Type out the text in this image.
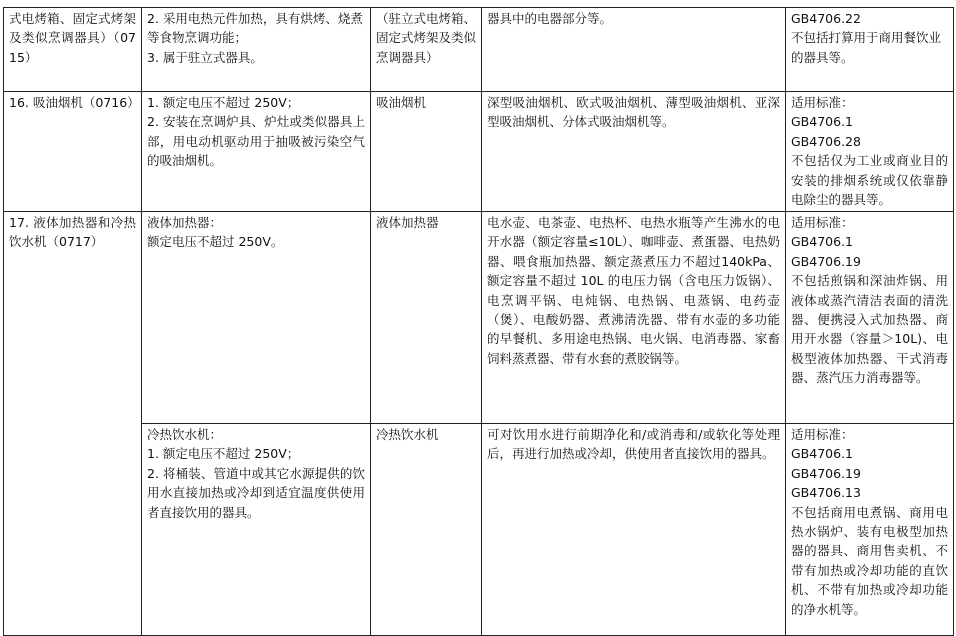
式电烤箱、固定式烤架及类似烹调器具）（0715）	2. 采用电热元件加热，具有烘烤、烧煮等食物烹调功能；
3. 属于驻立式器具。	（驻立式电烤箱、固定式烤架及类似烹调器具）	器具中的电器部分等。	GB4706.22
不包括打算用于商用餐饮业的器具等。
16. 吸油烟机（0716）	1. 额定电压不超过 250V；
2. 安装在烹调炉具、炉灶或类似器具上部，用电动机驱动用于抽吸被污染空气的吸油烟机。	吸油烟机	深型吸油烟机、欧式吸油烟机、薄型吸油烟机、亚深型吸油烟机、分体式吸油烟机等。	适用标准：
GB4706.1
GB4706.28
不包括仅为工业或商业目的安装的排烟系统或仅依靠静电除尘的器具等。
17. 液体加热器和冷热饮水机（0717）	液体加热器：
额定电压不超过 250V。	液体加热器	电水壶、电茶壶、电热杯、电热水瓶等产生沸水的电开水器（额定容量≤10L）、咖啡壶、煮蛋器、电热奶器、喂食瓶加热器、额定蒸煮压力不超过140kPa、额定容量不超过 10L 的电压力锅（含电压力饭锅）、电烹调平锅、电炖锅、电热锅、电蒸锅、电药壶（煲）、电酸奶器、煮沸清洗器、带有水壶的多功能的早餐机、多用途电热锅、电火锅、电消毒器、家畜饲料蒸煮器、带有水套的煮胶锅等。	适用标准：
GB4706.1
GB4706.19
不包括煎锅和深油炸锅、用液体或蒸汽清洁表面的清洗器、便携浸入式加热器、商用开水器（容量＞10L)、电极型液体加热器、干式消毒器、蒸汽压力消毒器等。
	冷热饮水机：
1. 额定电压不超过 250V；
2. 将桶装、管道中或其它水源提供的饮用水直接加热或冷却到适宜温度供使用者直接饮用的器具。	冷热饮水机	可对饮用水进行前期净化和/或消毒和/或软化等处理后，再进行加热或冷却，供使用者直接饮用的器具。	适用标准：
GB4706.1
GB4706.19
GB4706.13
不包括商用电煮锅、商用电热水锅炉、装有电极型加热器的器具、商用售卖机、不带有加热或冷却功能的直饮机、不带有加热或冷却功能的净水机等。
